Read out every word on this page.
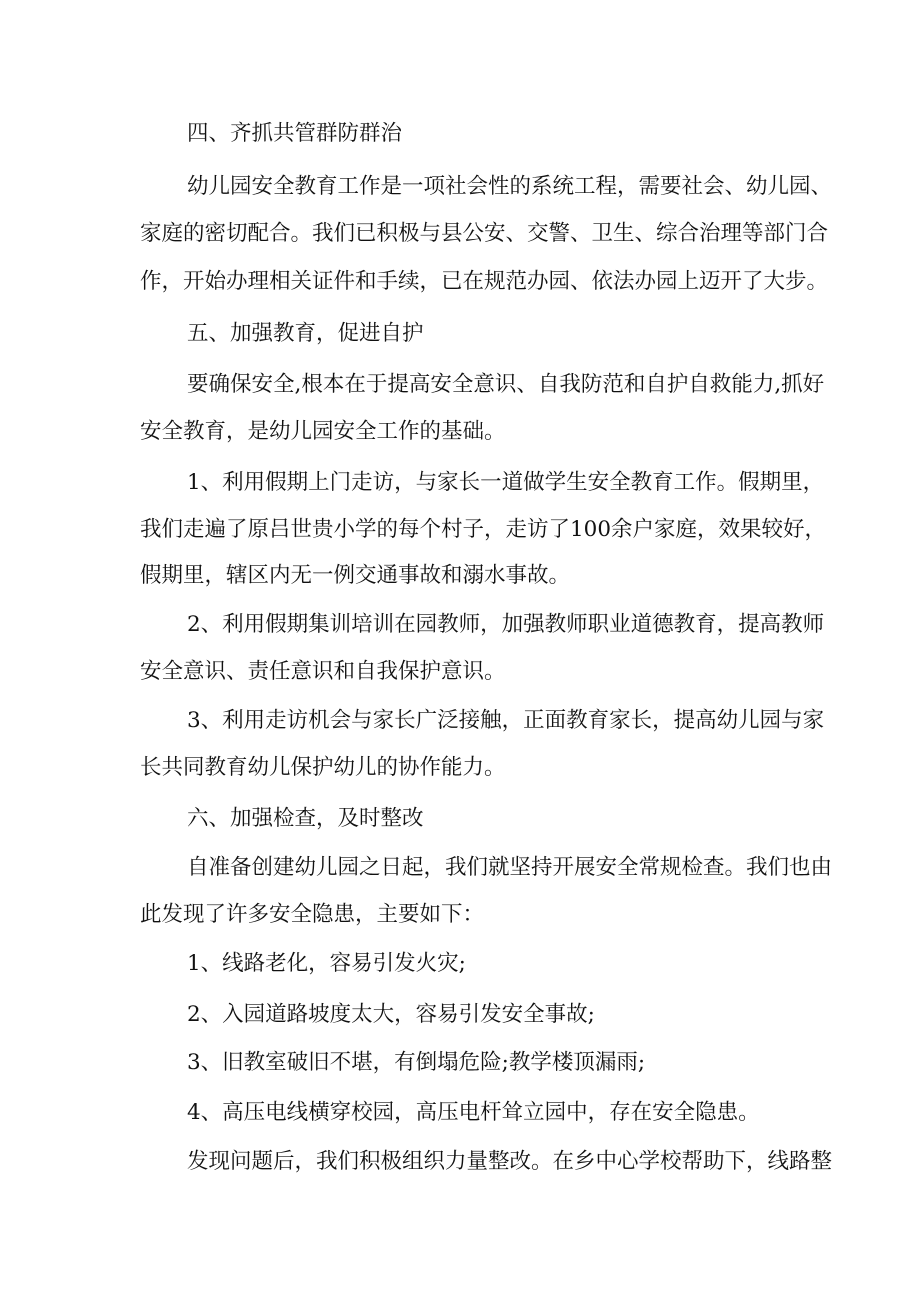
四、齐抓共管群防群治
幼儿园安全教育工作是一项社会性的系统工程，需要社会、幼儿园、
家庭的密切配合。我们已积极与县公安、交警、卫生、综合治理等部门合
作，开始办理相关证件和手续，已在规范办园、依法办园上迈开了大步。
五、加强教育，促进自护
要确保安全,根本在于提高安全意识、自我防范和自护自救能力,抓好
安全教育，是幼儿园安全工作的基础。
1、利用假期上门走访，与家长一道做学生安全教育工作。假期里，
我们走遍了原吕世贵小学的每个村子，走访了100余户家庭，效果较好，
假期里，辖区内无一例交通事故和溺水事故。
2、利用假期集训培训在园教师，加强教师职业道德教育，提高教师
安全意识、责任意识和自我保护意识。
3、利用走访机会与家长广泛接触，正面教育家长，提高幼儿园与家
长共同教育幼儿保护幼儿的协作能力。
六、加强检查，及时整改
自准备创建幼儿园之日起，我们就坚持开展安全常规检查。我们也由
此发现了许多安全隐患，主要如下：
1、线路老化，容易引发火灾;
2、入园道路坡度太大，容易引发安全事故;
3、旧教室破旧不堪，有倒塌危险;教学楼顶漏雨;
4、高压电线横穿校园，高压电杆耸立园中，存在安全隐患。
发现问题后，我们积极组织力量整改。在乡中心学校帮助下，线路整
